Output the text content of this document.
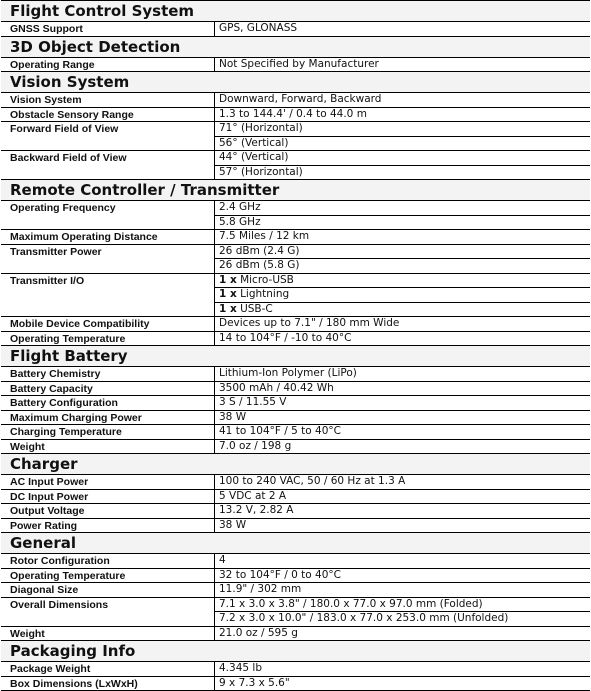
Flight Control System
GNSS Support	GPS, GLONASS
3D Object Detection
Operating Range	Not Specified by Manufacturer
Vision System
Vision System	Downward, Forward, Backward
Obstacle Sensory Range	1.3 to 144.4' / 0.4 to 44.0 m
Forward Field of View	71° (Horizontal)
56° (Vertical)
Backward Field of View	44° (Vertical)
57° (Horizontal)
Remote Controller / Transmitter
Operating Frequency	2.4 GHz
5.8 GHz
Maximum Operating Distance	7.5 Miles / 12 km
Transmitter Power	26 dBm (2.4 G)
26 dBm (5.8 G)
Transmitter I/O	1 x Micro-USB
1 x Lightning
1 x USB-C
Mobile Device Compatibility	Devices up to 7.1" / 180 mm Wide
Operating Temperature	14 to 104°F / -10 to 40°C
Flight Battery
Battery Chemistry	Lithium-Ion Polymer (LiPo)
Battery Capacity	3500 mAh / 40.42 Wh
Battery Configuration	3 S / 11.55 V
Maximum Charging Power	38 W
Charging Temperature	41 to 104°F / 5 to 40°C
Weight	7.0 oz / 198 g
Charger
AC Input Power	100 to 240 VAC, 50 / 60 Hz at 1.3 A
DC Input Power	5 VDC at 2 A
Output Voltage	13.2 V, 2.82 A
Power Rating	38 W
General
Rotor Configuration	4
Operating Temperature	32 to 104°F / 0 to 40°C
Diagonal Size	11.9" / 302 mm
Overall Dimensions	7.1 x 3.0 x 3.8" / 180.0 x 77.0 x 97.0 mm (Folded)
7.2 x 3.0 x 10.0" / 183.0 x 77.0 x 253.0 mm (Unfolded)
Weight	21.0 oz / 595 g
Packaging Info
Package Weight	4.345 lb
Box Dimensions (LxWxH)	9 x 7.3 x 5.6"
